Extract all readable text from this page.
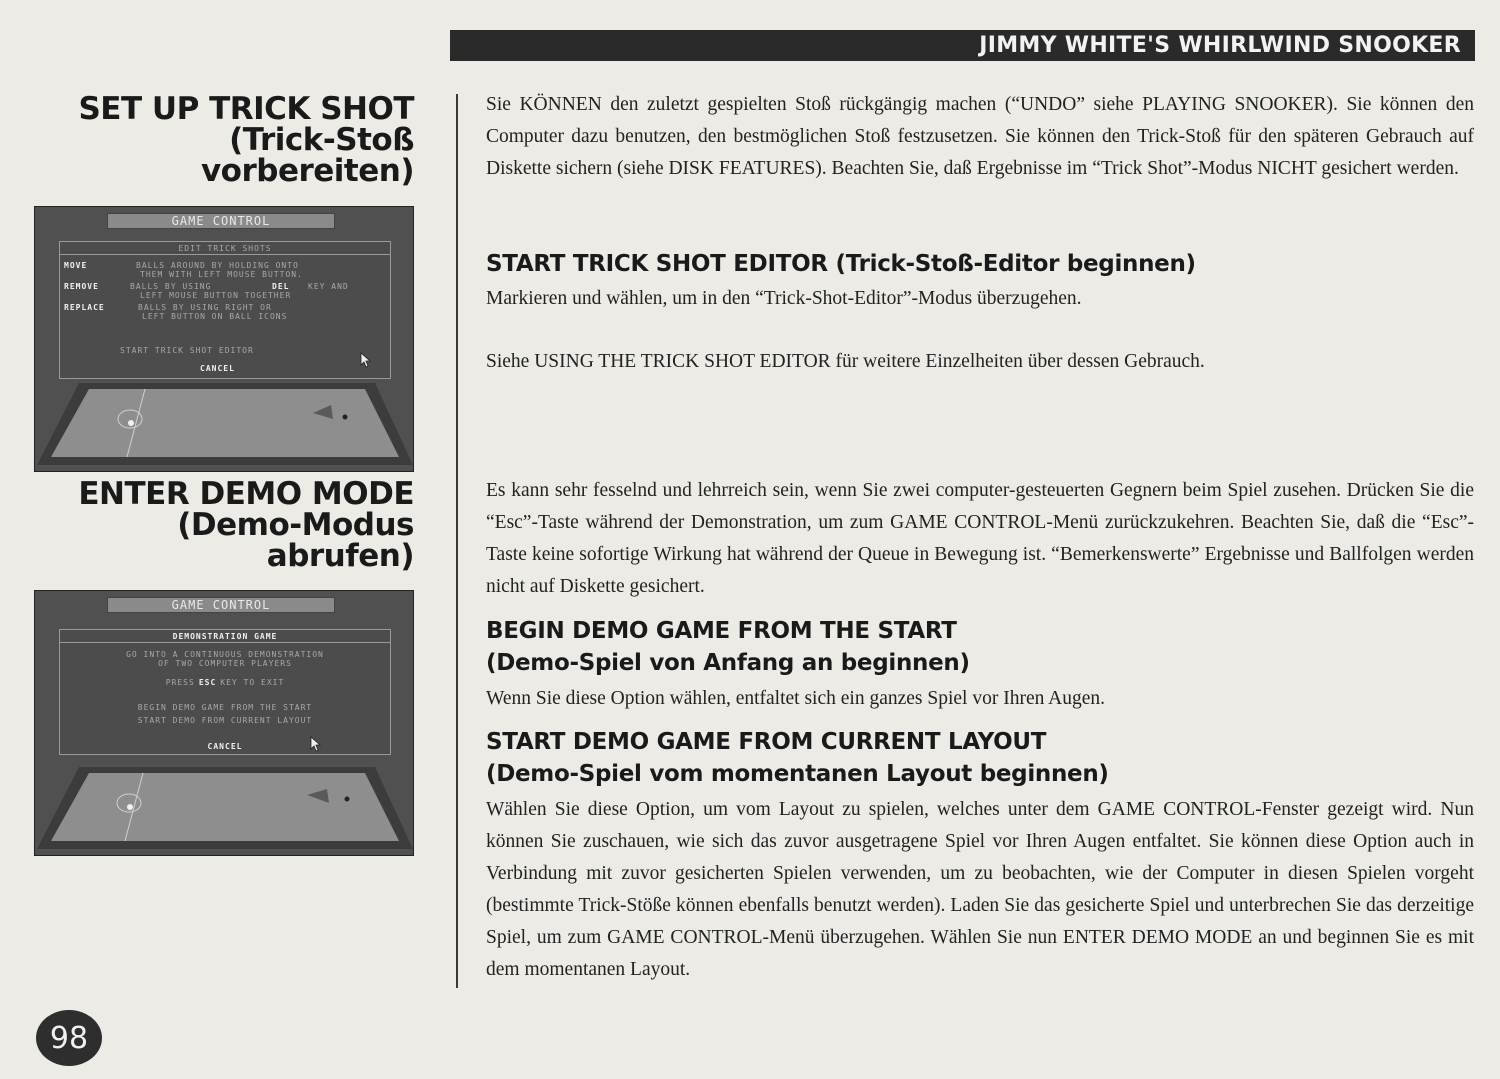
JIMMY WHITE'S WHIRLWIND SNOOKER
SET UP TRICK SHOT
(Trick-Stoß
vorbereiten)
ENTER DEMO MODE
(Demo-Modus
abrufen)
GAME CONTROL
EDIT TRICK SHOTS
MOVE	BALLS AROUND BY HOLDING ONTO
THEM WITH LEFT MOUSE BUTTON.
REMOVE	BALLS BY USING	DEL KEY AND
LEFT MOUSE BUTTON TOGETHER
REPLACE	BALLS BY USING RIGHT OR
LEFT BUTTON ON BALL ICONS
START TRICK SHOT EDITOR
CANCEL
GAME CONTROL
DEMONSTRATION GAME
GO INTO A CONTINUOUS DEMONSTRATION
OF TWO COMPUTER PLAYERS
PRESS ESC KEY TO EXIT
BEGIN DEMO GAME FROM THE START
START DEMO FROM CURRENT LAYOUT
CANCEL
Sie KÖNNEN den zuletzt gespielten Stoß rückgängig machen (“UNDO” siehe PLAYING SNOOKER). Sie können den Computer dazu benutzen, den bestmöglichen Stoß festzusetzen. Sie können den Trick-Stoß für den späteren Gebrauch auf Diskette sichern (siehe DISK FEATURES). Beachten Sie, daß Ergebnisse im “Trick Shot”-Modus NICHT gesichert werden.
START TRICK SHOT EDITOR (Trick-Stoß-Editor beginnen)
Markieren und wählen, um in den “Trick-Shot-Editor”-Modus überzugehen.
Siehe USING THE TRICK SHOT EDITOR für weitere Einzelheiten über dessen Gebrauch.
Es kann sehr fesselnd und lehrreich sein, wenn Sie zwei computer-gesteuerten Gegnern beim Spiel zusehen. Drücken Sie die “Esc”-Taste während der Demonstration, um zum GAME CONTROL-Menü zurückzukehren. Beachten Sie, daß die “Esc”-Taste keine sofortige Wirkung hat während der Queue in Bewegung ist. “Bemerkenswerte” Ergebnisse und Ballfolgen werden nicht auf Diskette gesichert.
BEGIN DEMO GAME FROM THE START
(Demo-Spiel von Anfang an beginnen)
Wenn Sie diese Option wählen, entfaltet sich ein ganzes Spiel vor Ihren Augen.
START DEMO GAME FROM CURRENT LAYOUT
(Demo-Spiel vom momentanen Layout beginnen)
Wählen Sie diese Option, um vom Layout zu spielen, welches unter dem GAME CONTROL-Fenster gezeigt wird. Nun können Sie zuschauen, wie sich das zuvor ausgetragene Spiel vor Ihren Augen entfaltet. Sie können diese Option auch in Verbindung mit zuvor gesicherten Spielen verwenden, um zu beobachten, wie der Computer in diesen Spielen vorgeht (bestimmte Trick-Stöße können ebenfalls benutzt werden). Laden Sie das gesicherte Spiel und unterbrechen Sie das derzeitige Spiel, um zum GAME CONTROL-Menü überzugehen. Wählen Sie nun ENTER DEMO MODE an und beginnen Sie es mit dem momentanen Layout.
98
